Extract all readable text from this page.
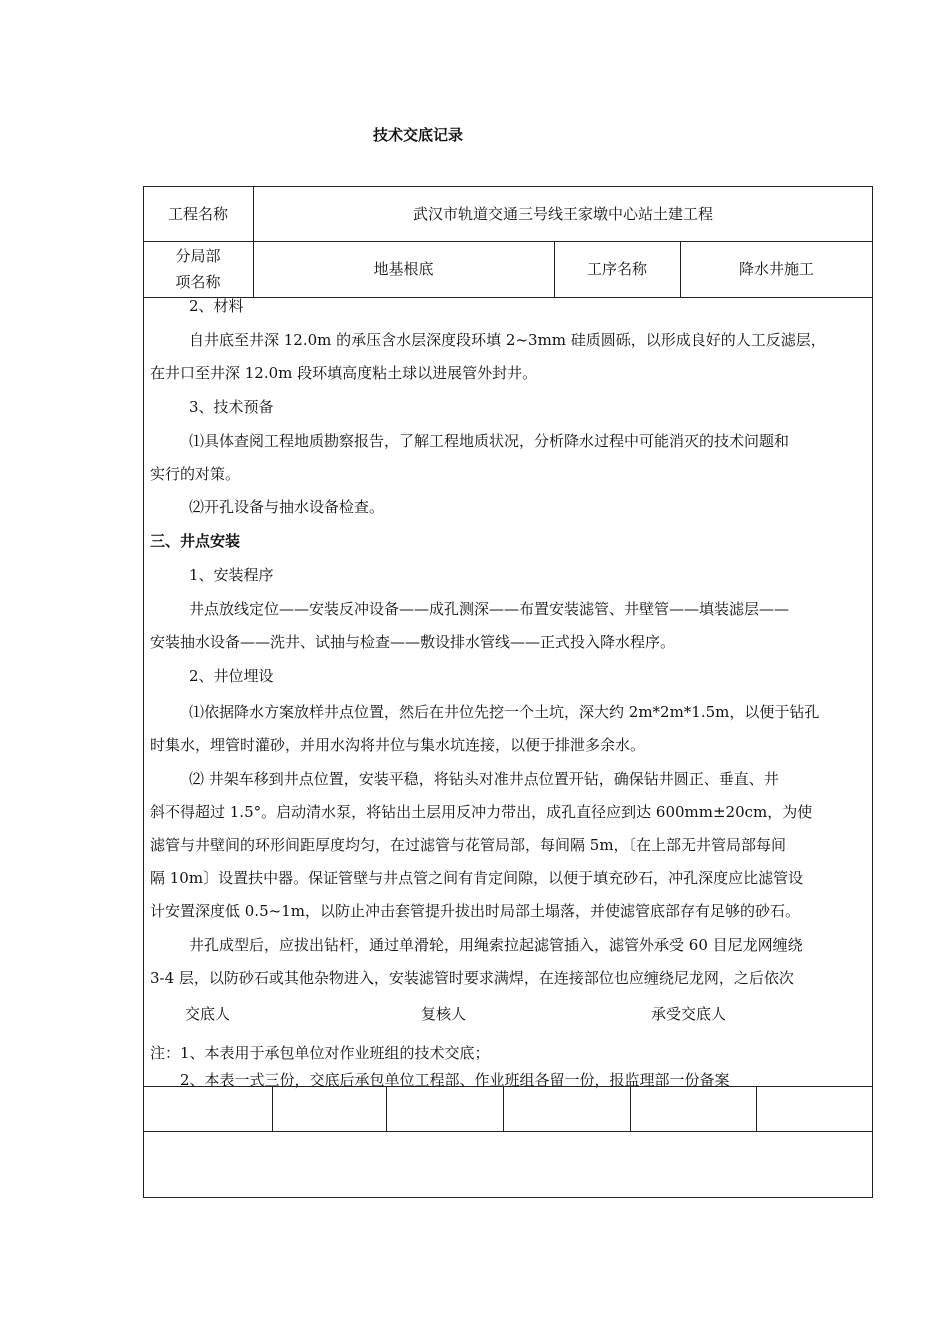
技术交底记录
工程名称	武汉市轨道交通三号线王家墩中心站土建工程
分局部
项名称
地基根底	工序名称	降水井施工
2、材料
自井底至井深 12.0m 的承压含水层深度段环填 2~3mm 硅质圆砾，以形成良好的人工反滤层，
在井口至井深 12.0m 段环填高度粘土球以进展管外封井。
3、技术预备
⑴具体查阅工程地质勘察报告，了解工程地质状况，分析降水过程中可能消灭的技术问题和
实行的对策。
⑵开孔设备与抽水设备检查。
三、井点安装
1、安装程序
井点放线定位——安装反冲设备——成孔测深——布置安装滤管、井壁管——填装滤层——
安装抽水设备——洗井、试抽与检查——敷设排水管线——正式投入降水程序。
2、井位埋设
⑴依据降水方案放样井点位置，然后在井位先挖一个土坑，深大约 2m*2m*1.5m，以便于钻孔
时集水，埋管时灌砂，并用水沟将井位与集水坑连接，以便于排泄多余水。
⑵ 井架车移到井点位置，安装平稳，将钻头对准井点位置开钻，确保钻井圆正、垂直、井
斜不得超过 1.5°。启动清水泵，将钻出土层用反冲力带出，成孔直径应到达 600mm±20cm，为使
滤管与井壁间的环形间距厚度均匀，在过滤管与花管局部，每间隔 5m，〔在上部无井管局部每间
隔 10m〕设置扶中器。保证管壁与井点管之间有肯定间隙，以便于填充砂石，冲孔深度应比滤管设
计安置深度低 0.5~1m，以防止冲击套管提升拔出时局部土塌落，并使滤管底部存有足够的砂石。
井孔成型后，应拔出钻杆，通过单滑轮，用绳索拉起滤管插入，滤管外承受 60 目尼龙网缠绕
3-4 层，以防砂石或其他杂物进入，安装滤管时要求满焊，在连接部位也应缠绕尼龙网，之后依次
交底人	复核人	承受交底人
注：1、本表用于承包单位对作业班组的技术交底；
2、本表一式三份，交底后承包单位工程部、作业班组各留一份，报监理部一份备案
